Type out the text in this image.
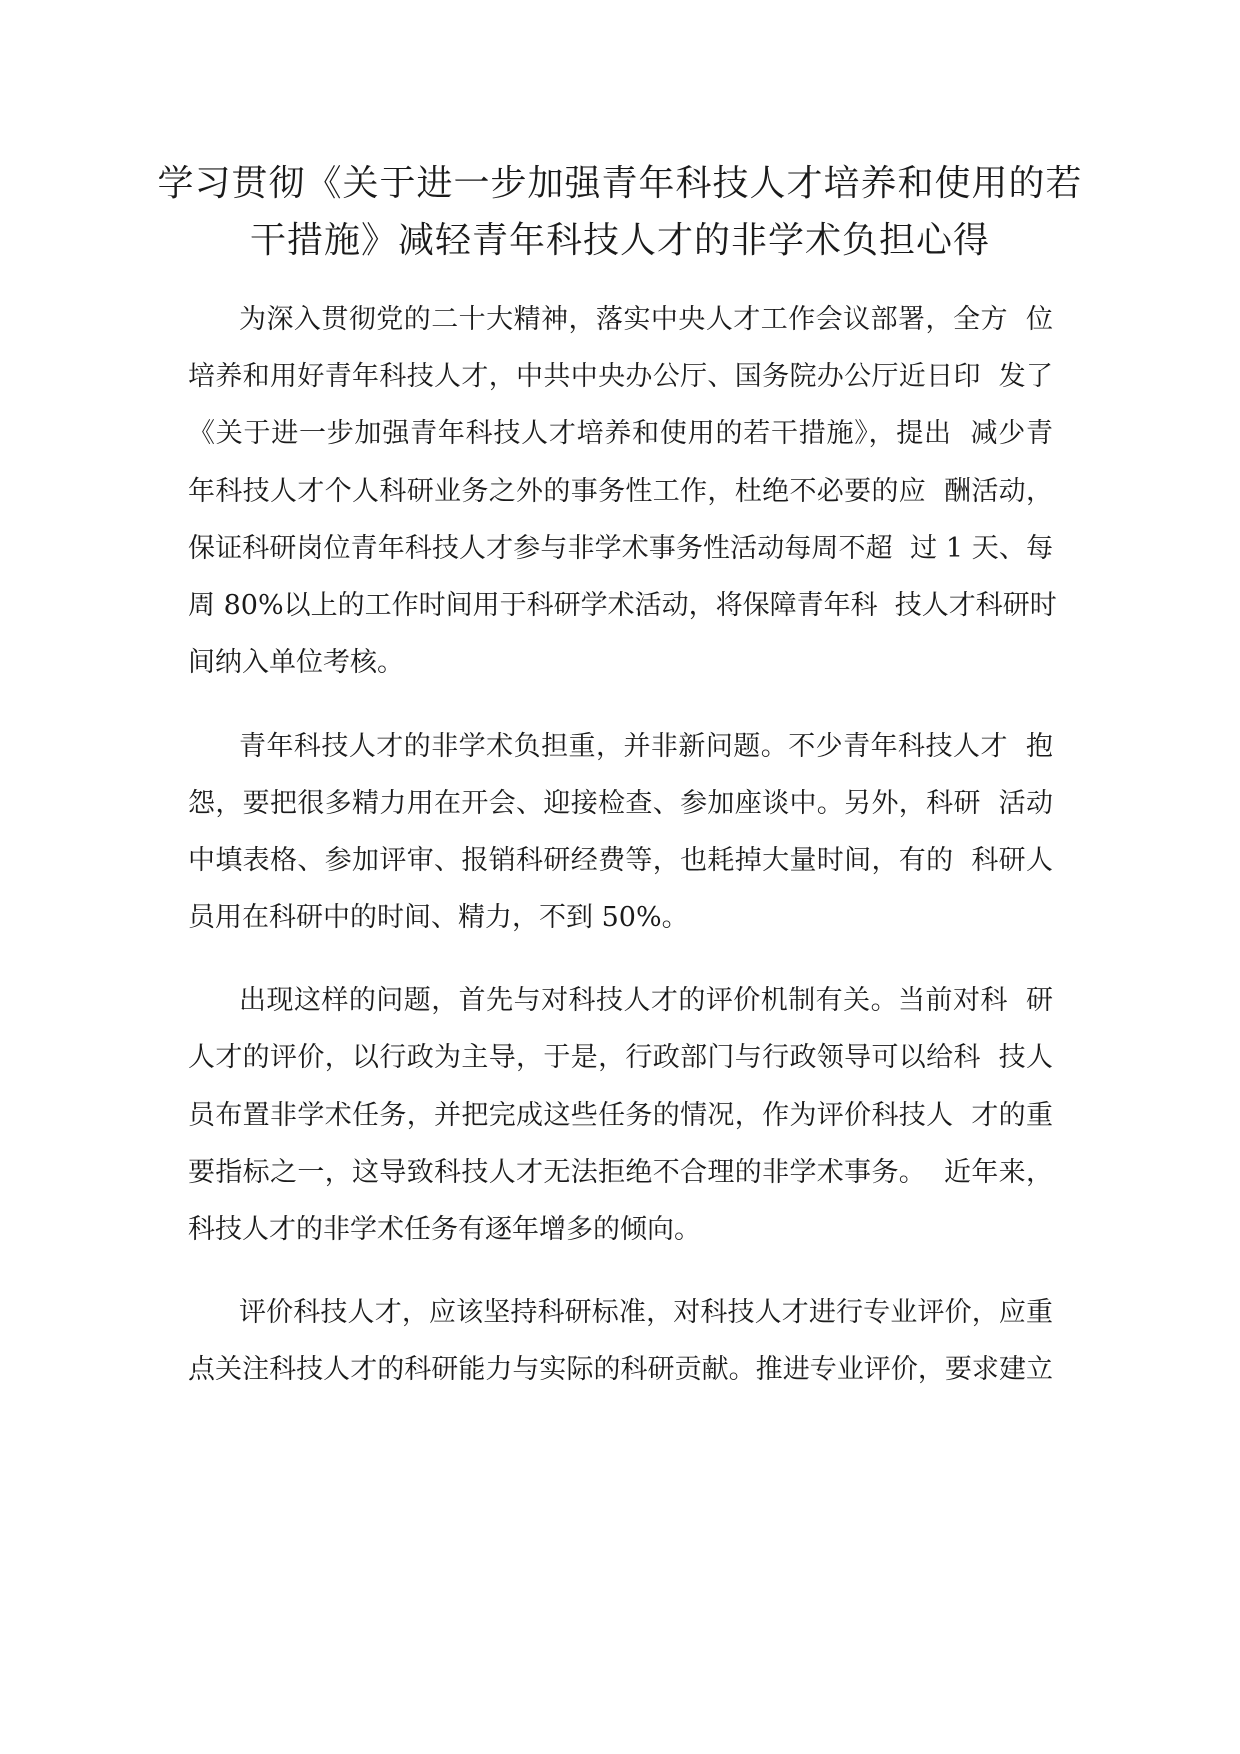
学习贯彻《关于进一步加强青年科技人才培养和使用的若
干措施》减轻青年科技人才的非学术负担心得
为深入贯彻党的二十大精神，落实中央人才工作会议部署，全方  位
培养和用好青年科技人才，中共中央办公厅、国务院办公厅近日印  发了
《关于进一步加强青年科技人才培养和使用的若干措施》，提出  减少青
年科技人才个人科研业务之外的事务性工作，杜绝不必要的应  酬活动，
保证科研岗位青年科技人才参与非学术事务性活动每周不超  过 1 天、每
周 80%以上的工作时间用于科研学术活动，将保障青年科  技人才科研时
间纳入单位考核。
青年科技人才的非学术负担重，并非新问题。不少青年科技人才  抱
怨，要把很多精力用在开会、迎接检查、参加座谈中。另外，科研  活动
中填表格、参加评审、报销科研经费等，也耗掉大量时间，有的  科研人
员用在科研中的时间、精力，不到 50%。
出现这样的问题，首先与对科技人才的评价机制有关。当前对科  研
人才的评价，以行政为主导，于是，行政部门与行政领导可以给科  技人
员布置非学术任务，并把完成这些任务的情况，作为评价科技人  才的重
要指标之一，这导致科技人才无法拒绝不合理的非学术事务。  近年来，
科技人才的非学术任务有逐年增多的倾向。
评价科技人才，应该坚持科研标准，对科技人才进行专业评价，应重
点关注科技人才的科研能力与实际的科研贡献。推进专业评价，要求建立
